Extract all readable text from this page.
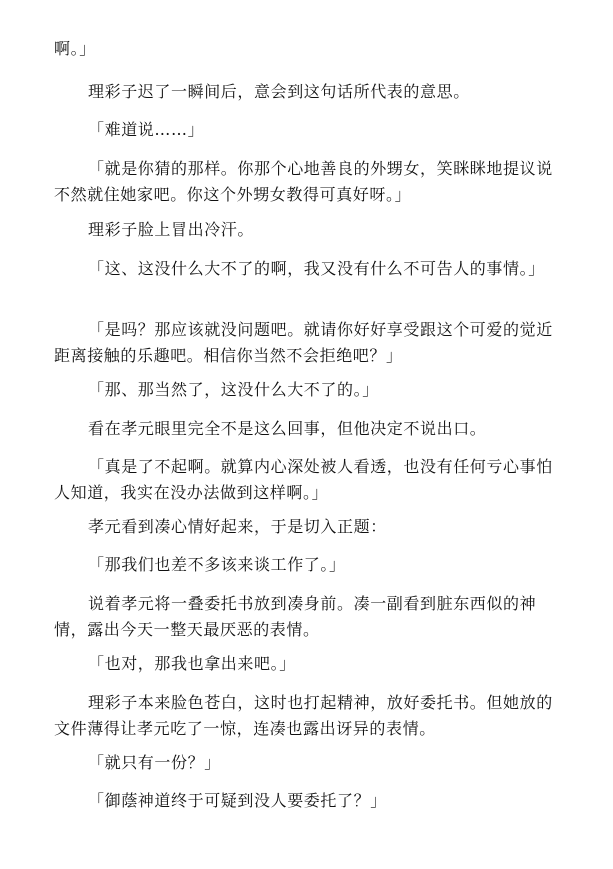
啊。」

理彩子迟了一瞬间后，意会到这句话所代表的意思。

「难道说……」

「就是你猜的那样。你那个心地善良的外甥女，笑眯眯地提议说不然就住她家吧。你这个外甥女教得可真好呀。」

理彩子脸上冒出冷汗。

「这、这没什么大不了的啊，我又没有什么不可告人的事情。」

「是吗？那应该就没问题吧。就请你好好享受跟这个可爱的觉近距离接触的乐趣吧。相信你当然不会拒绝吧？」

「那、那当然了，这没什么大不了的。」

看在孝元眼里完全不是这么回事，但他决定不说出口。

「真是了不起啊。就算内心深处被人看透，也没有任何亏心事怕人知道，我实在没办法做到这样啊。」

孝元看到凑心情好起来，于是切入正题：

「那我们也差不多该来谈工作了。」

说着孝元将一叠委托书放到凑身前。凑一副看到脏东西似的神情，露出今天一整天最厌恶的表情。

「也对，那我也拿出来吧。」

理彩子本来脸色苍白，这时也打起精神，放好委托书。但她放的文件薄得让孝元吃了一惊，连凑也露出讶异的表情。

「就只有一份？」

「御蔭神道终于可疑到没人要委托了？」
